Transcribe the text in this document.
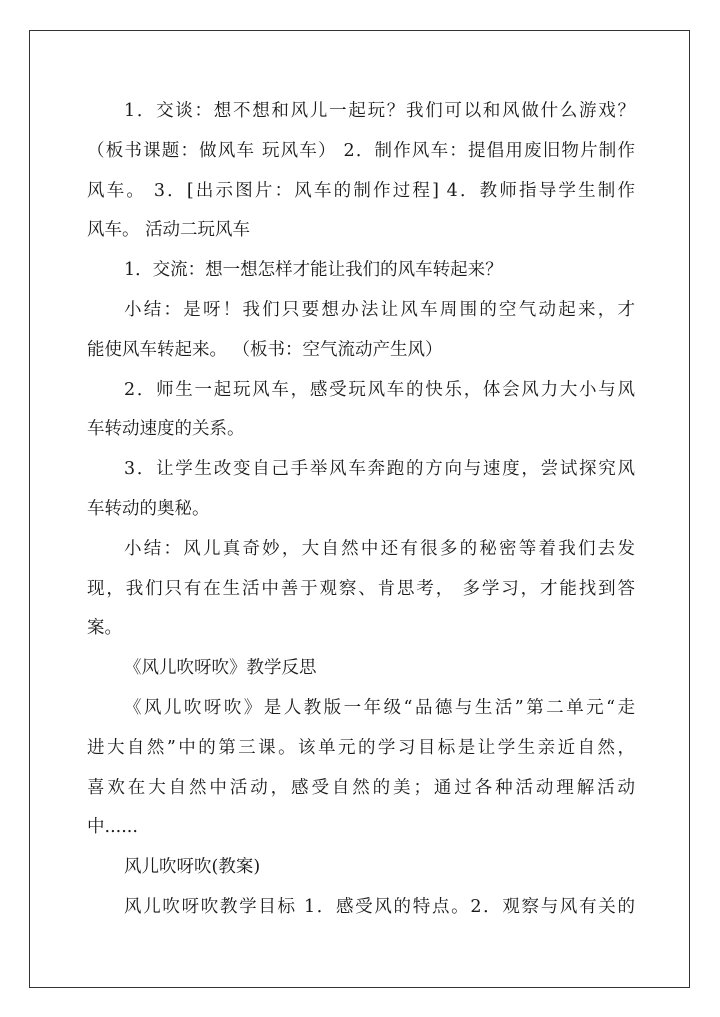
1．交谈：想不想和风儿一起玩？我们可以和风做什么游戏？
（板书课题：做风车 玩风车） 2．制作风车：提倡用废旧物片制作
风车。 3．[出示图片：风车的制作过程] 4．教师指导学生制作
风车。 活动二玩风车
1．交流：想一想怎样才能让我们的风车转起来？
小结：是呀！我们只要想办法让风车周围的空气动起来，才
能使风车转起来。 （板书：空气流动产生风）
2．师生一起玩风车，感受玩风车的快乐，体会风力大小与风
车转动速度的关系。
3．让学生改变自己手举风车奔跑的方向与速度，尝试探究风
车转动的奥秘。
小结：风儿真奇妙，大自然中还有很多的秘密等着我们去发
现，我们只有在生活中善于观察、肯思考， 多学习，才能找到答
案。
《风儿吹呀吹》教学反思
《风儿吹呀吹》是人教版一年级“品德与生活”第二单元“走
进大自然”中的第三课。该单元的学习目标是让学生亲近自然，
喜欢在大自然中活动，感受自然的美；通过各种活动理解活动
中......
风儿吹呀吹(教案)
风儿吹呀吹教学目标 1．感受风的特点。2．观察与风有关的
